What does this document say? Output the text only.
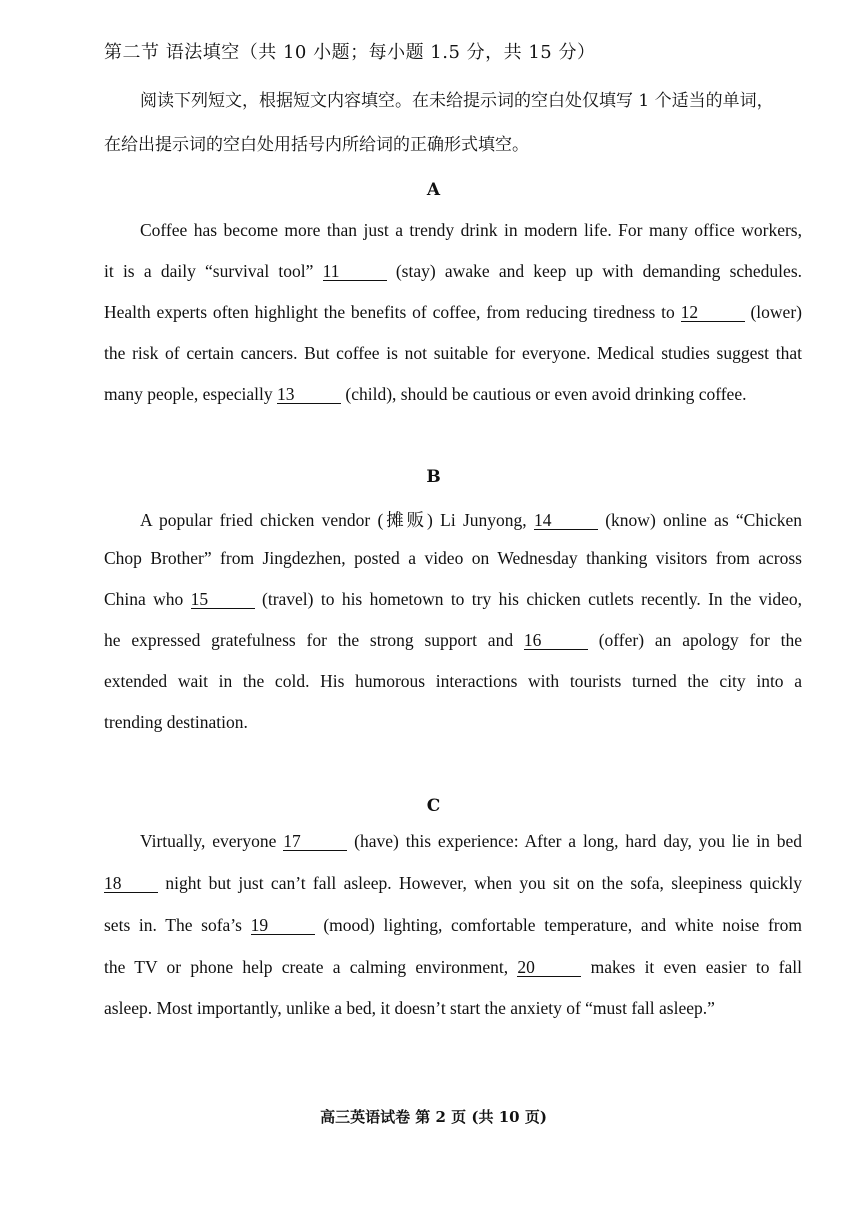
第二节 语法填空（共 10 小题；每小题 1.5 分，共 15 分）
阅读下列短文，根据短文内容填空。在未给提示词的空白处仅填写 1 个适当的单词，
在给出提示词的空白处用括号内所给词的正确形式填空。
A
Coffee has become more than just a trendy drink in modern life. For many office workers,
it is a daily “survival tool” 11	(stay) awake and keep up with demanding schedules.
Health experts often highlight the benefits of coffee, from reducing tiredness to 12	(lower)
the risk of certain cancers. But coffee is not suitable for everyone. Medical studies suggest that
many people, especially 13	(child), should be cautious or even avoid drinking coffee.
B
A popular fried chicken vendor (摊贩) Li Junyong, 14	(know) online as “Chicken
Chop Brother” from Jingdezhen, posted a video on Wednesday thanking visitors from across
China who 15	(travel) to his hometown to try his chicken cutlets recently. In the video,
he expressed gratefulness for the strong support and 16	(offer) an apology for the
extended wait in the cold. His humorous interactions with tourists turned the city into a
trending destination.
C
Virtually, everyone 17	(have) this experience: After a long, hard day, you lie in bed
18 night but just can’t fall asleep. However, when you sit on the sofa, sleepiness quickly
sets in. The sofa’s 19	(mood) lighting, comfortable temperature, and white noise from
the TV or phone help create a calming environment, 20	makes it even easier to fall
asleep. Most importantly, unlike a bed, it doesn’t start the anxiety of “must fall asleep.”
高三英语试卷 第 2 页 (共 10 页)
